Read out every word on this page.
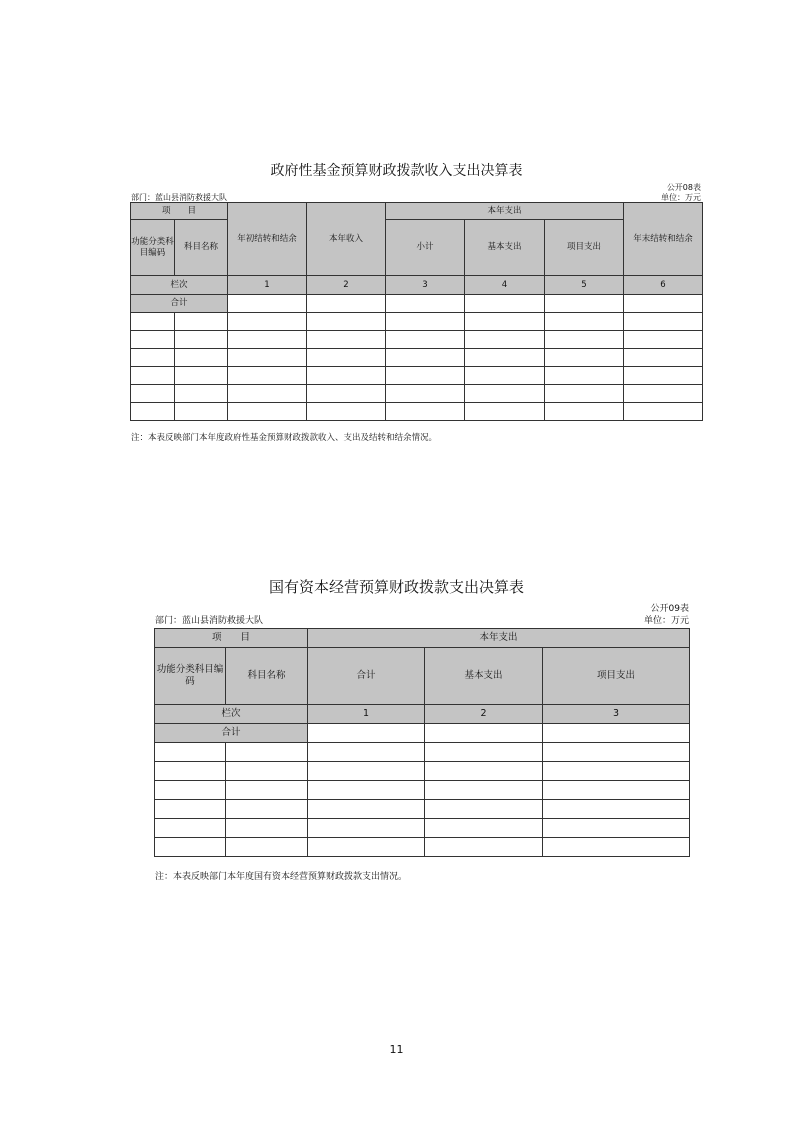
政府性基金预算财政拨款收入支出决算表
公开08表
部门：蓝山县消防救援大队	单位：万元
项　　目		年初结转和结余	本年收入	本年支出			年末结转和结余
功能分类科目编码	科目名称			小计	基本支出	项目支出	

栏次		1	2	3	4	5	6
合计							

注：本表反映部门本年度政府性基金预算财政拨款收入、支出及结转和结余情况。
国有资本经营预算财政拨款支出决算表
公开09表
部门：蓝山县消防救援大队	单位：万元
项　　目		本年支出		
功能分类科目编码	科目名称	合计	基本支出	项目支出
栏次		1	2	3
合计				

注：本表反映部门本年度国有资本经营预算财政拨款支出情况。
11
